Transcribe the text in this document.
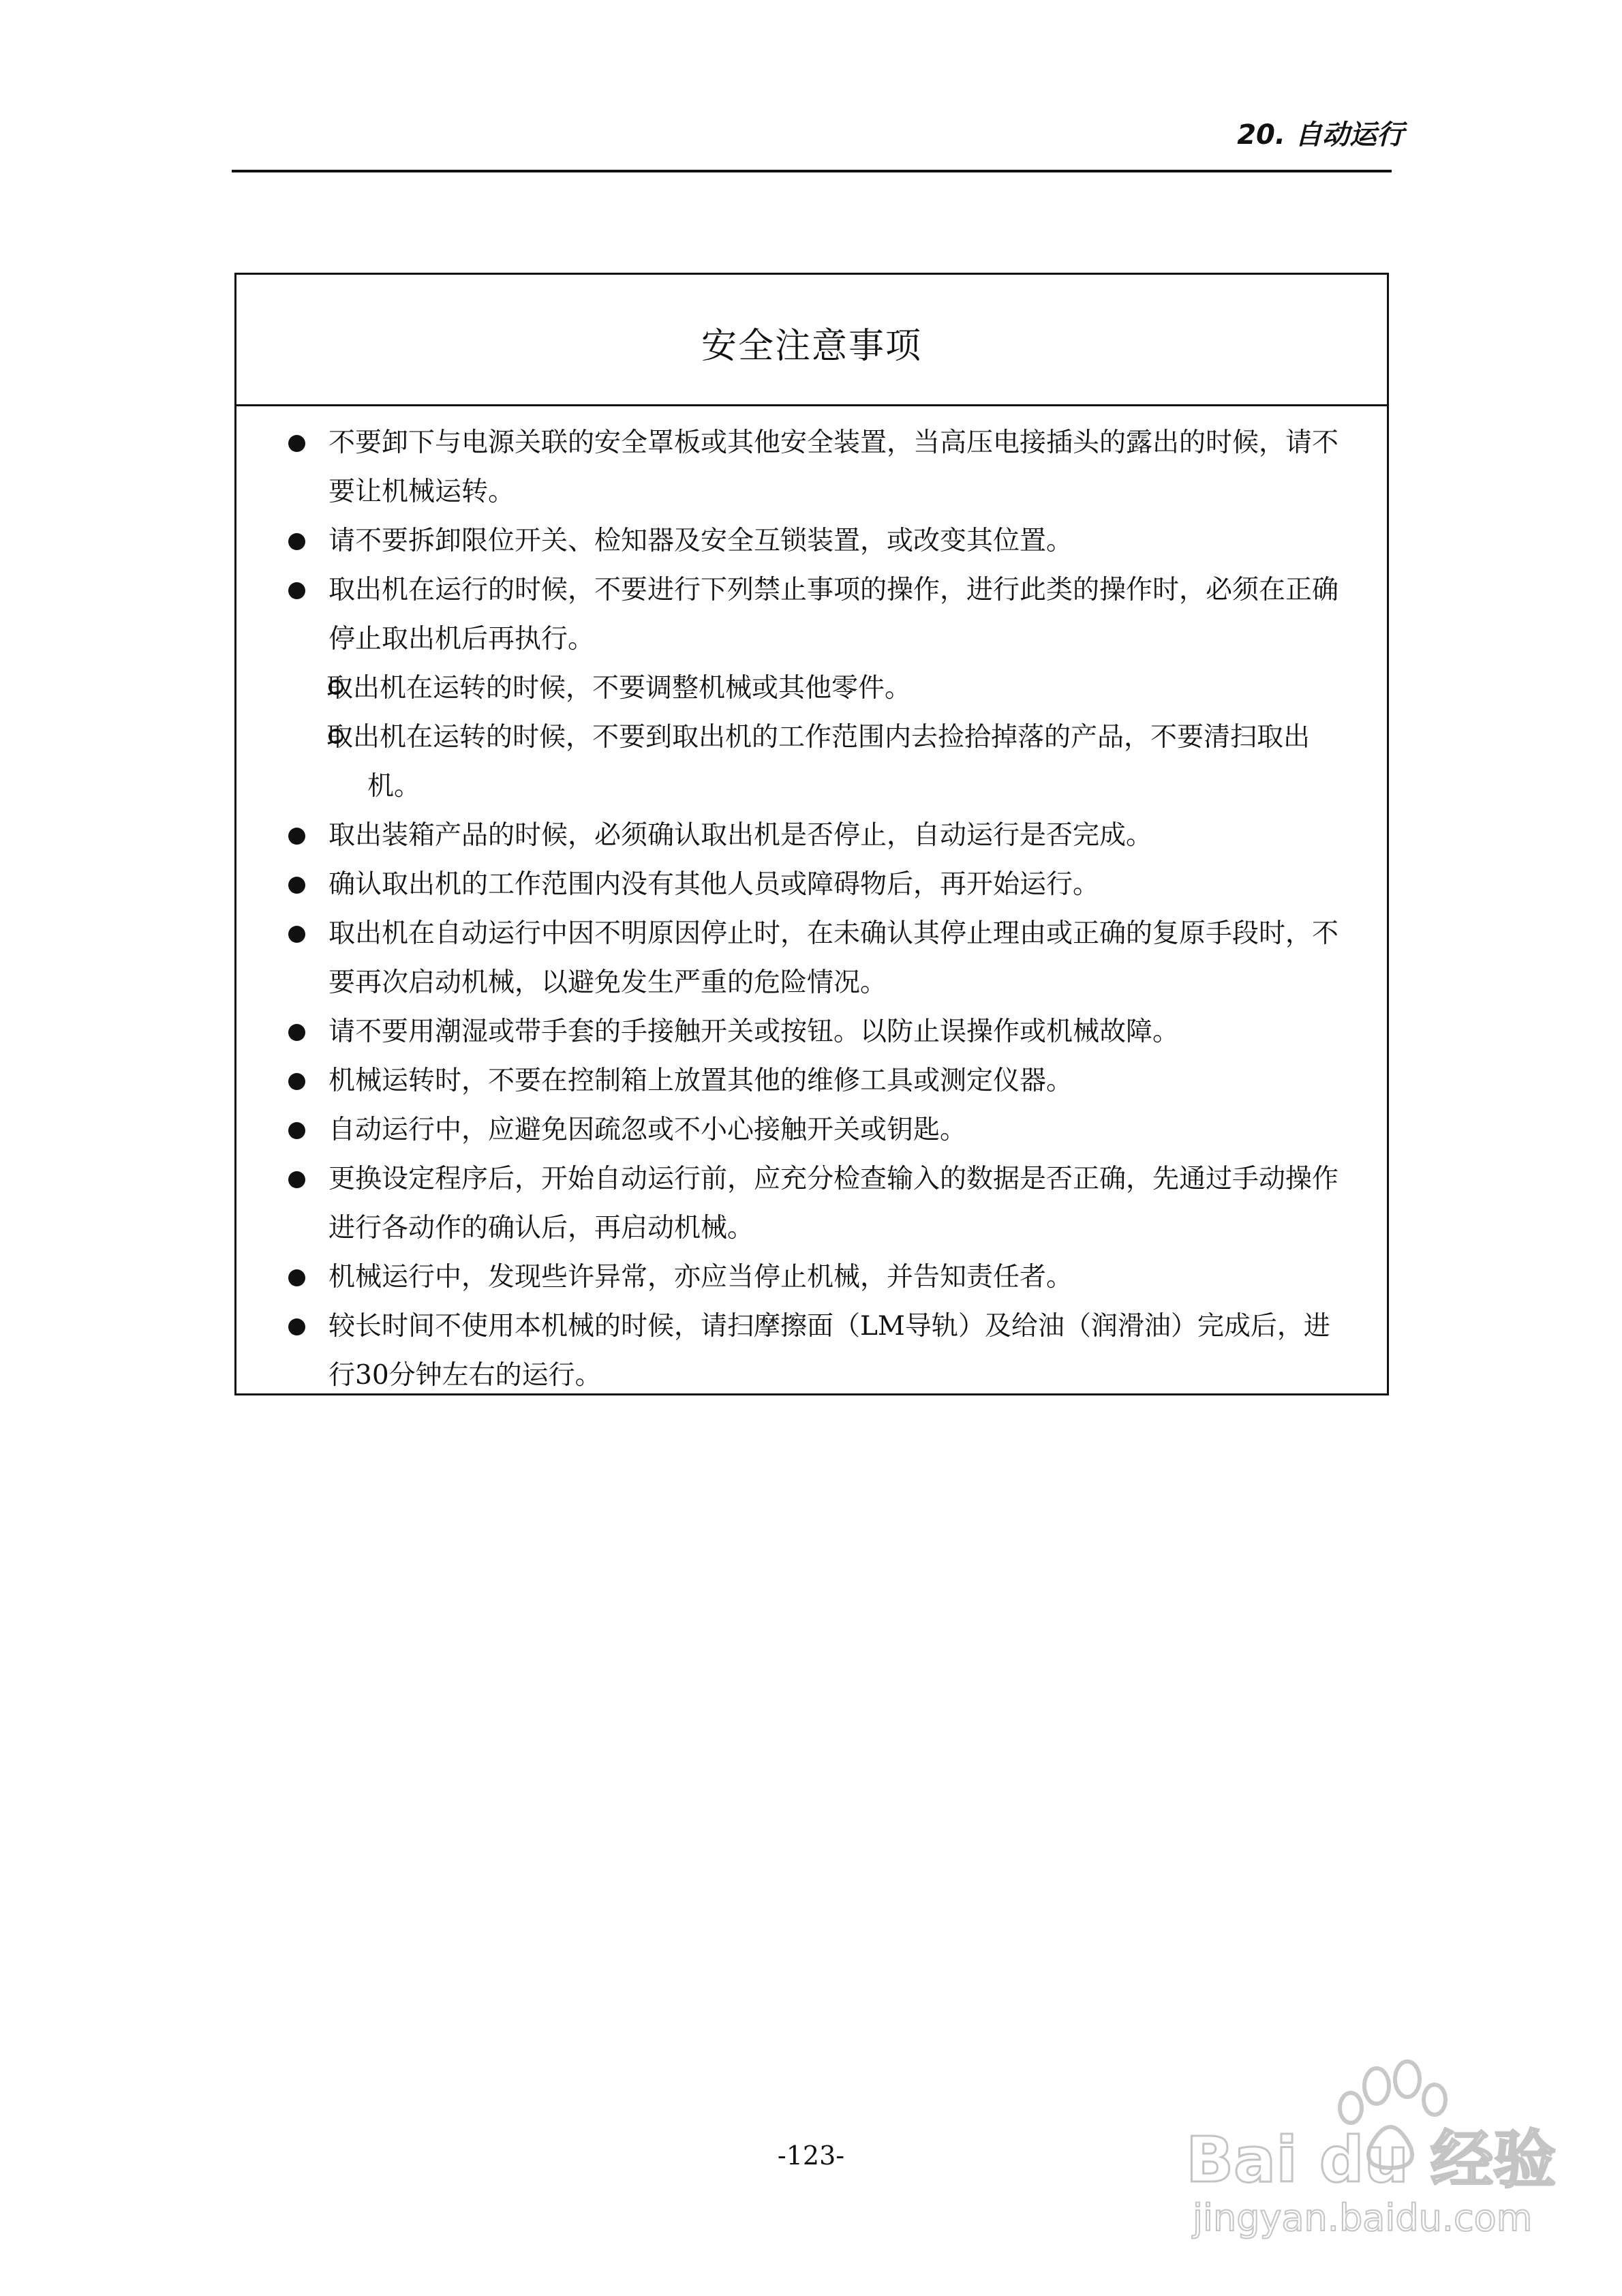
20. 自动运行
安全注意事项
不要卸下与电源关联的安全罩板或其他安全装置，当高压电接插头的露出的时候，请不要让机械运转。
请不要拆卸限位开关、检知器及安全互锁装置，或改变其位置。
取出机在运行的时候，不要进行下列禁止事项的操作，进行此类的操作时，必须在正确停止取出机后再执行。
取出机在运转的时候，不要调整机械或其他零件。
取出机在运转的时候，不要到取出机的工作范围内去捡拾掉落的产品，不要清扫取出机。
取出装箱产品的时候，必须确认取出机是否停止，自动运行是否完成。
确认取出机的工作范围内没有其他人员或障碍物后，再开始运行。
取出机在自动运行中因不明原因停止时，在未确认其停止理由或正确的复原手段时，不要再次启动机械，以避免发生严重的危险情况。
请不要用潮湿或带手套的手接触开关或按钮。以防止误操作或机械故障。
机械运转时，不要在控制箱上放置其他的维修工具或测定仪器。
自动运行中，应避免因疏忽或不小心接触开关或钥匙。
更换设定程序后，开始自动运行前，应充分检查输入的数据是否正确，先通过手动操作进行各动作的确认后，再启动机械。
机械运行中，发现些许异常，亦应当停止机械，并告知责任者。
较长时间不使用本机械的时候，请扫摩擦面（LM导轨）及给油（润滑油）完成后，进行30分钟左右的运行。
-123-	Bai du 经验
jingyan.baidu.com
